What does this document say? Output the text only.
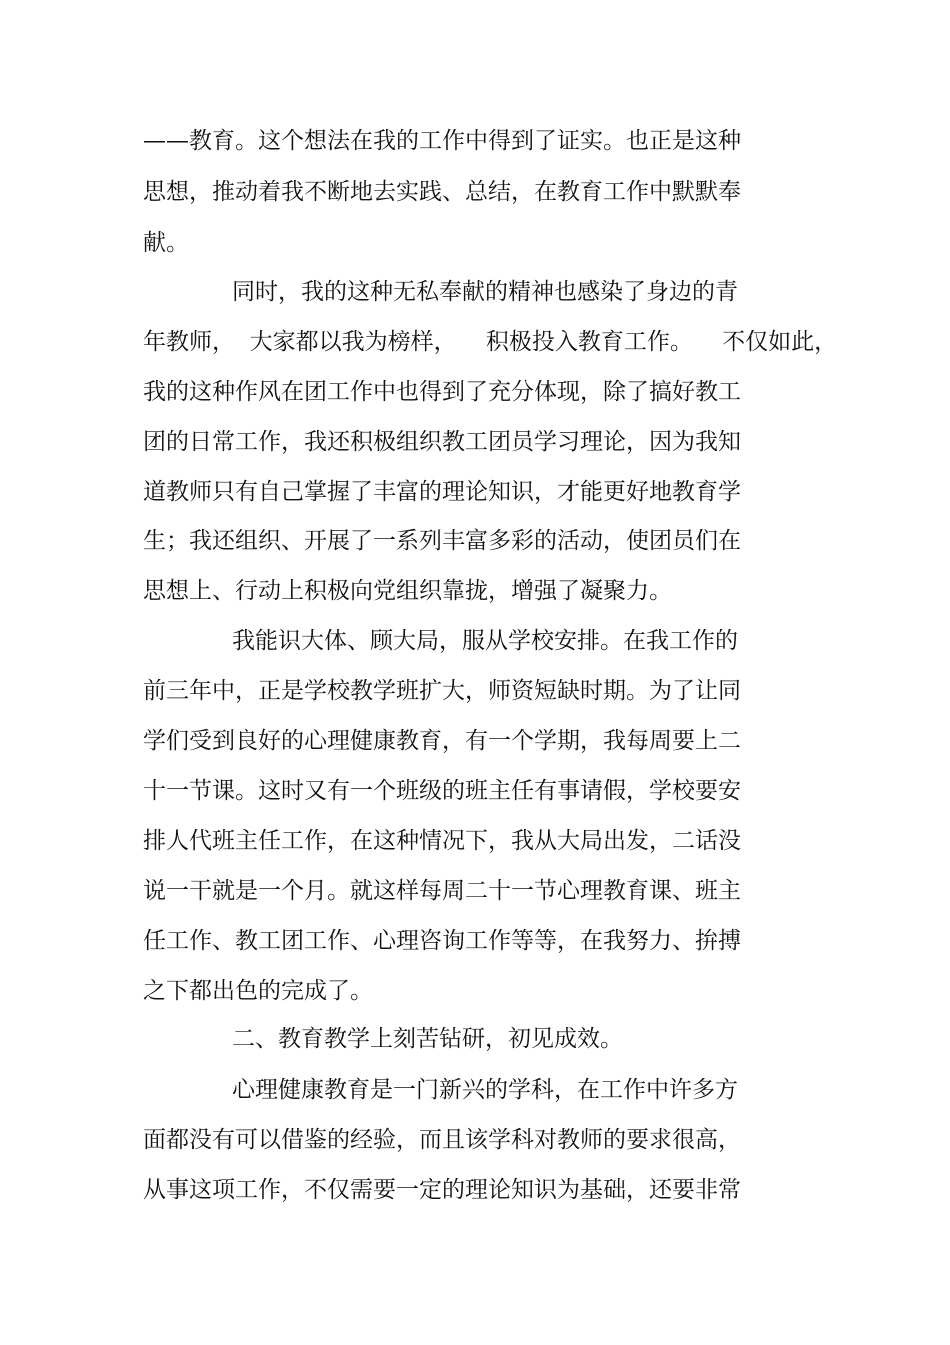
——教育。这个想法在我的工作中得到了证实。也正是这种

思想，推动着我不断地去实践、总结，在教育工作中默默奉

献。

同时，我的这种无私奉献的精神也感染了身边的青

年教师，  大家都以我为榜样，    积极投入教育工作。    不仅如此，

我的这种作风在团工作中也得到了充分体现，除了搞好教工

团的日常工作，我还积极组织教工团员学习理论，因为我知

道教师只有自己掌握了丰富的理论知识，才能更好地教育学

生；我还组织、开展了一系列丰富多彩的活动，使团员们在

思想上、行动上积极向党组织靠拢，增强了凝聚力。

我能识大体、顾大局，服从学校安排。在我工作的

前三年中，正是学校教学班扩大，师资短缺时期。为了让同

学们受到良好的心理健康教育，有一个学期，我每周要上二

十一节课。这时又有一个班级的班主任有事请假，学校要安

排人代班主任工作，在这种情况下，我从大局出发，二话没

说一干就是一个月。就这样每周二十一节心理教育课、班主

任工作、教工团工作、心理咨询工作等等，在我努力、拚搏

之下都出色的完成了。

二、教育教学上刻苦钻研，初见成效。

心理健康教育是一门新兴的学科，在工作中许多方

面都没有可以借鉴的经验，而且该学科对教师的要求很高，

从事这项工作，不仅需要一定的理论知识为基础，还要非常
